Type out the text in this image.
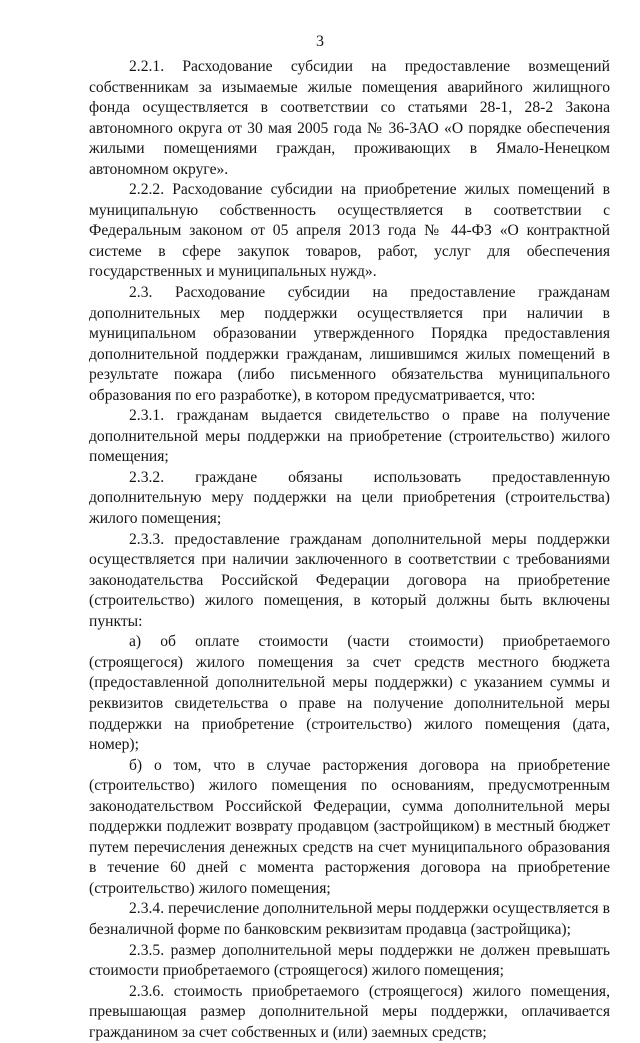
3

2.2.1. Расходование субсидии на предоставление возмещений собственникам за изымаемые жилые помещения аварийного жилищного фонда осуществляется в соответствии со статьями 28-1, 28-2 Закона автономного округа от 30 мая 2005 года № 36-ЗАО «О порядке обеспечения жилыми помещениями граждан, проживающих в Ямало-Ненецком автономном округе».

2.2.2. Расходование субсидии на приобретение жилых помещений в муниципальную собственность осуществляется в соответствии с Федеральным законом от 05 апреля 2013 года № 44-ФЗ «О контрактной системе в сфере закупок товаров, работ, услуг для обеспечения государственных и муниципальных нужд».

2.3. Расходование субсидии на предоставление гражданам дополнительных мер поддержки осуществляется при наличии в муниципальном образовании утвержденного Порядка предоставления дополнительной поддержки гражданам, лишившимся жилых помещений в результате пожара (либо письменного обязательства муниципального образования по его разработке), в котором предусматривается, что:

2.3.1. гражданам выдается свидетельство о праве на получение дополнительной меры поддержки на приобретение (строительство) жилого помещения;

2.3.2. граждане обязаны использовать предоставленную дополнительную меру поддержки на цели приобретения (строительства) жилого помещения;

2.3.3. предоставление гражданам дополнительной меры поддержки осуществляется при наличии заключенного в соответствии с требованиями законодательства Российской Федерации договора на приобретение (строительство) жилого помещения, в который должны быть включены пункты:

а) об оплате стоимости (части стоимости) приобретаемого (строящегося) жилого помещения за счет средств местного бюджета (предоставленной дополнительной меры поддержки) с указанием суммы и реквизитов свидетельства о праве на получение дополнительной меры поддержки на приобретение (строительство) жилого помещения (дата, номер);

б) о том, что в случае расторжения договора на приобретение (строительство) жилого помещения по основаниям, предусмотренным законодательством Российской Федерации, сумма дополнительной меры поддержки подлежит возврату продавцом (застройщиком) в местный бюджет путем перечисления денежных средств на счет муниципального образования в течение 60 дней с момента расторжения договора на приобретение (строительство) жилого помещения;

2.3.4. перечисление дополнительной меры поддержки осуществляется в безналичной форме по банковским реквизитам продавца (застройщика);

2.3.5. размер дополнительной меры поддержки не должен превышать стоимости приобретаемого (строящегося) жилого помещения;

2.3.6. стоимость приобретаемого (строящегося) жилого помещения, превышающая размер дополнительной меры поддержки, оплачивается гражданином за счет собственных и (или) заемных средств;
